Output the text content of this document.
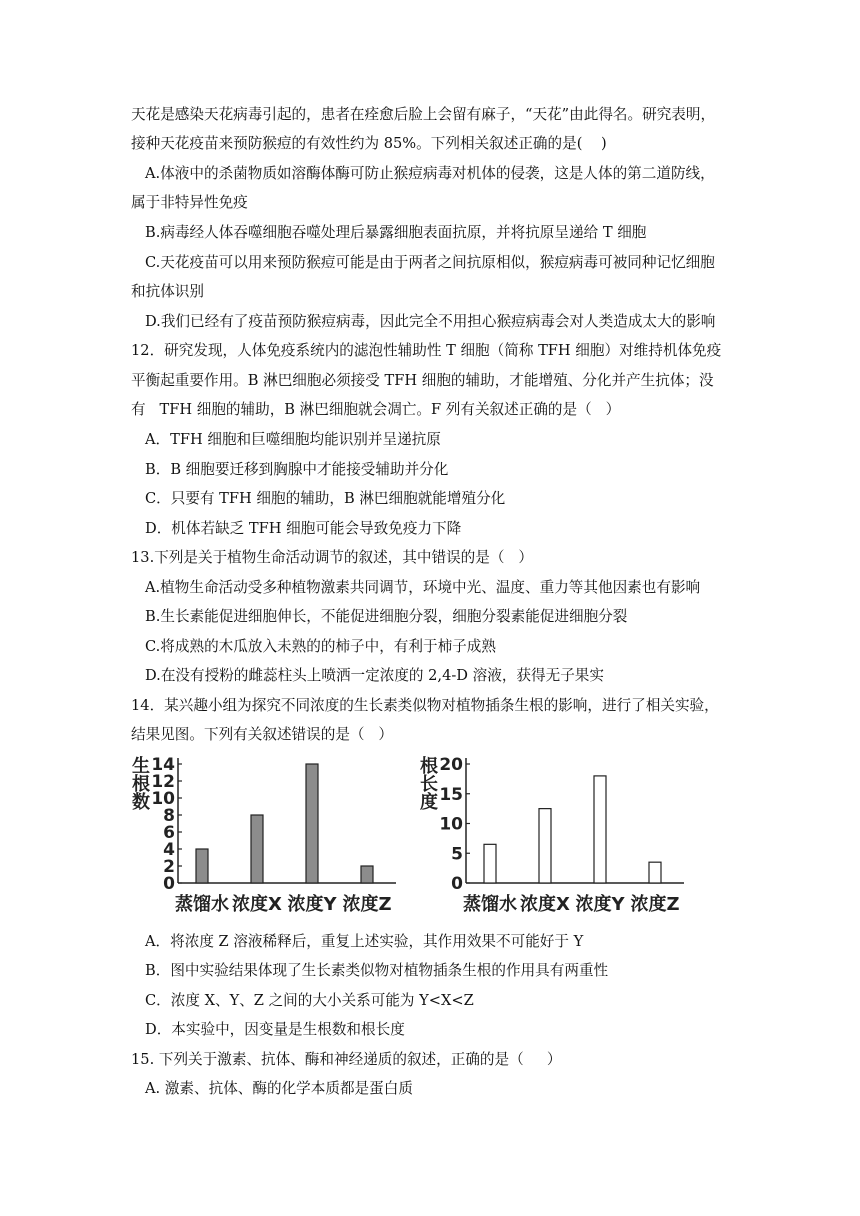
天花是感染天花病毒引起的，患者在痊愈后脸上会留有麻子，“天花”由此得名。研究表明，
接种天花疫苗来预防猴痘的有效性约为 85%。下列相关叙述正确的是(    )
A.体液中的杀菌物质如溶酶体酶可防止猴痘病毒对机体的侵袭，这是人体的第二道防线，
属于非特异性免疫
B.病毒经人体吞噬细胞吞噬处理后暴露细胞表面抗原，并将抗原呈递给 T 细胞
C.天花疫苗可以用来预防猴痘可能是由于两者之间抗原相似，猴痘病毒可被同种记忆细胞
和抗体识别
D.我们已经有了疫苗预防猴痘病毒，因此完全不用担心猴痘病毒会对人类造成太大的影响
12．研究发现，人体免疫系统内的滤泡性辅助性 T 细胞（简称 TFH 细胞）对维持机体免疫
平衡起重要作用。B 淋巴细胞必须接受 TFH 细胞的辅助，才能增殖、分化并产生抗体；没
有   TFH 细胞的辅助，B 淋巴细胞就会凋亡。F 列有关叙述正确的是（   ）
A．TFH 细胞和巨噬细胞均能识别并呈递抗原
B．B 细胞要迁移到胸腺中才能接受辅助并分化
C．只要有 TFH 细胞的辅助，B 淋巴细胞就能增殖分化
D．机体若缺乏 TFH 细胞可能会导致免疫力下降
13.下列是关于植物生命活动调节的叙述，其中错误的是（   ）
A.植物生命活动受多种植物激素共同调节，环境中光、温度、重力等其他因素也有影响
B.生长素能促进细胞伸长，不能促进细胞分裂，细胞分裂素能促进细胞分裂
C.将成熟的木瓜放入未熟的的柿子中，有利于柿子成熟
D.在没有授粉的雌蕊柱头上喷洒一定浓度的 2,4-D 溶液，获得无子果实
14．某兴趣小组为探究不同浓度的生长素类似物对植物插条生根的影响，进行了相关实验，
结果见图。下列有关叙述错误的是（   ）
生
根
数
0
2
4
6
8
10
12
14
蒸馏水 浓度X 浓度Y 浓度Z
根
长
度
0
5
10
15
20
蒸馏水 浓度X 浓度Y 浓度Z
A．将浓度 Z 溶液稀释后，重复上述实验，其作用效果不可能好于 Y
B．图中实验结果体现了生长素类似物对植物插条生根的作用具有两重性
C．浓度 X、Y、Z 之间的大小关系可能为 Y<X<Z
D．本实验中，因变量是生根数和根长度
15. 下列关于激素、抗体、酶和神经递质的叙述，正确的是（     ）
A. 激素、抗体、酶的化学本质都是蛋白质
